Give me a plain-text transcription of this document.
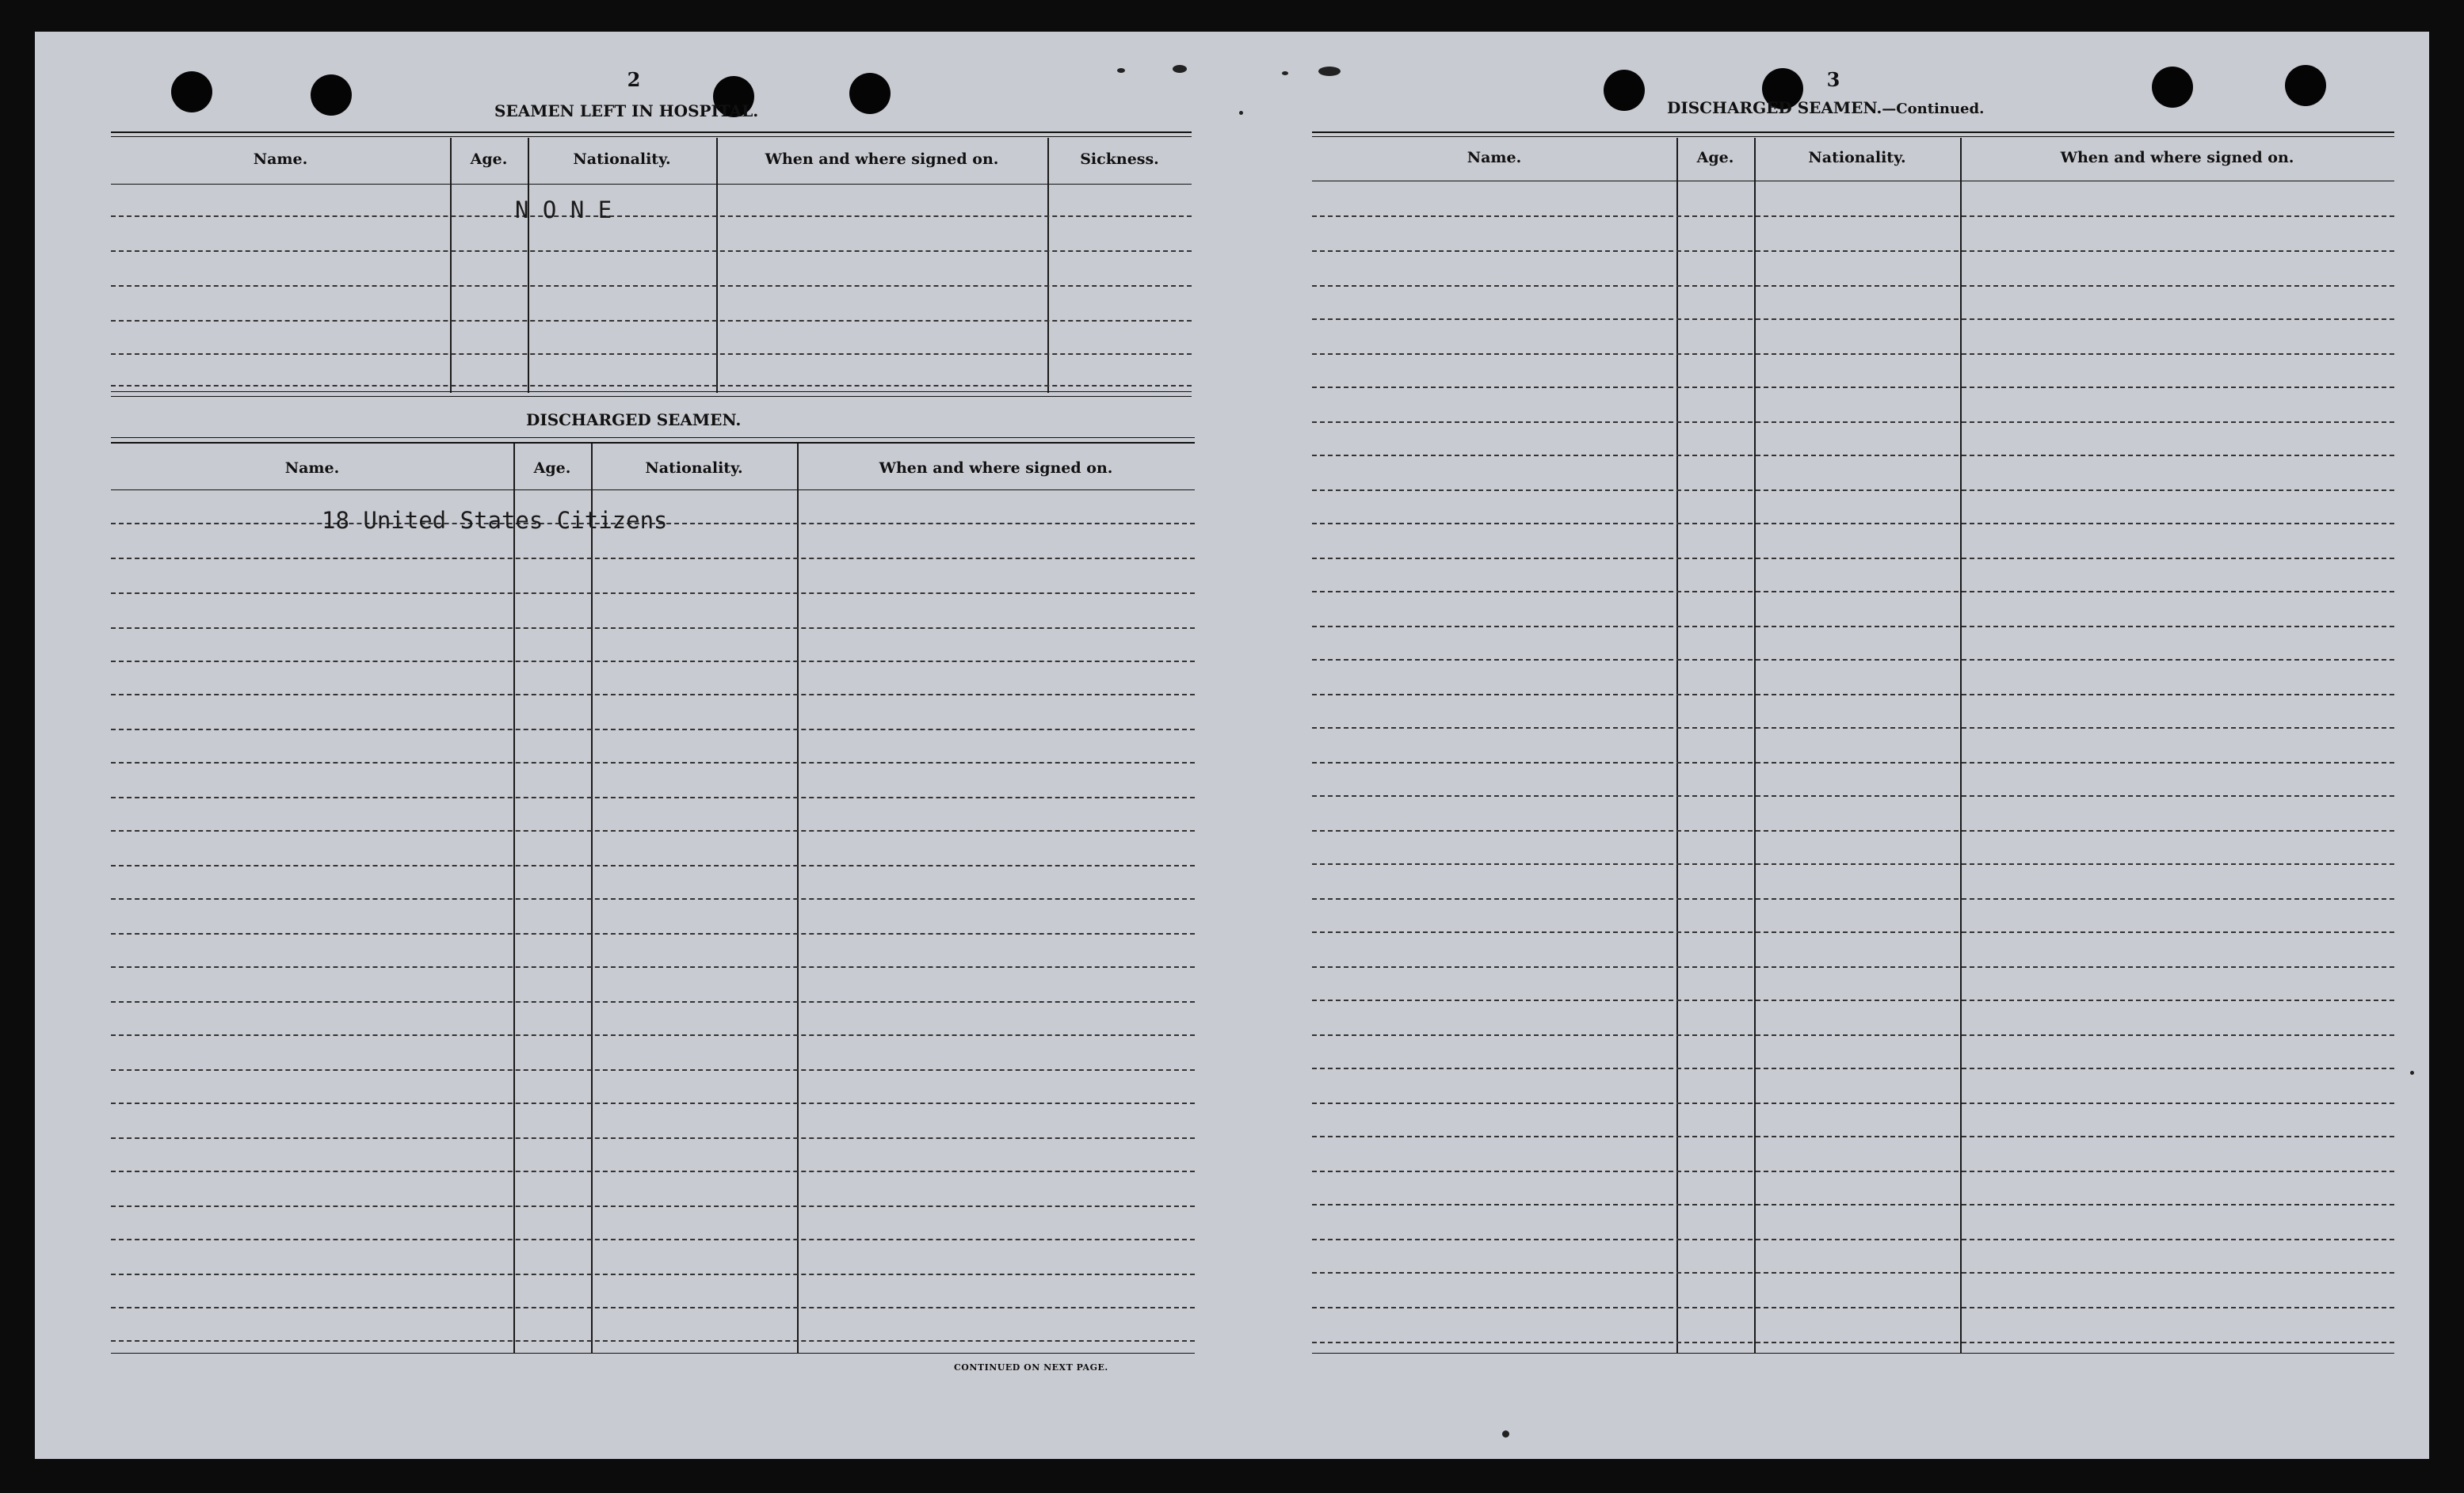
2
SEAMEN LEFT IN HOSPITAL.
Name.	Age.	Nationality.	When and where signed on.	Sickness.
N O N E
DISCHARGED SEAMEN.
Name.	Age.	Nationality.	When and where signed on.
18 United States Citizens
CONTINUED ON NEXT PAGE.
3
DISCHARGED SEAMEN.—Continued.
Name.	Age.	Nationality.	When and where signed on.
